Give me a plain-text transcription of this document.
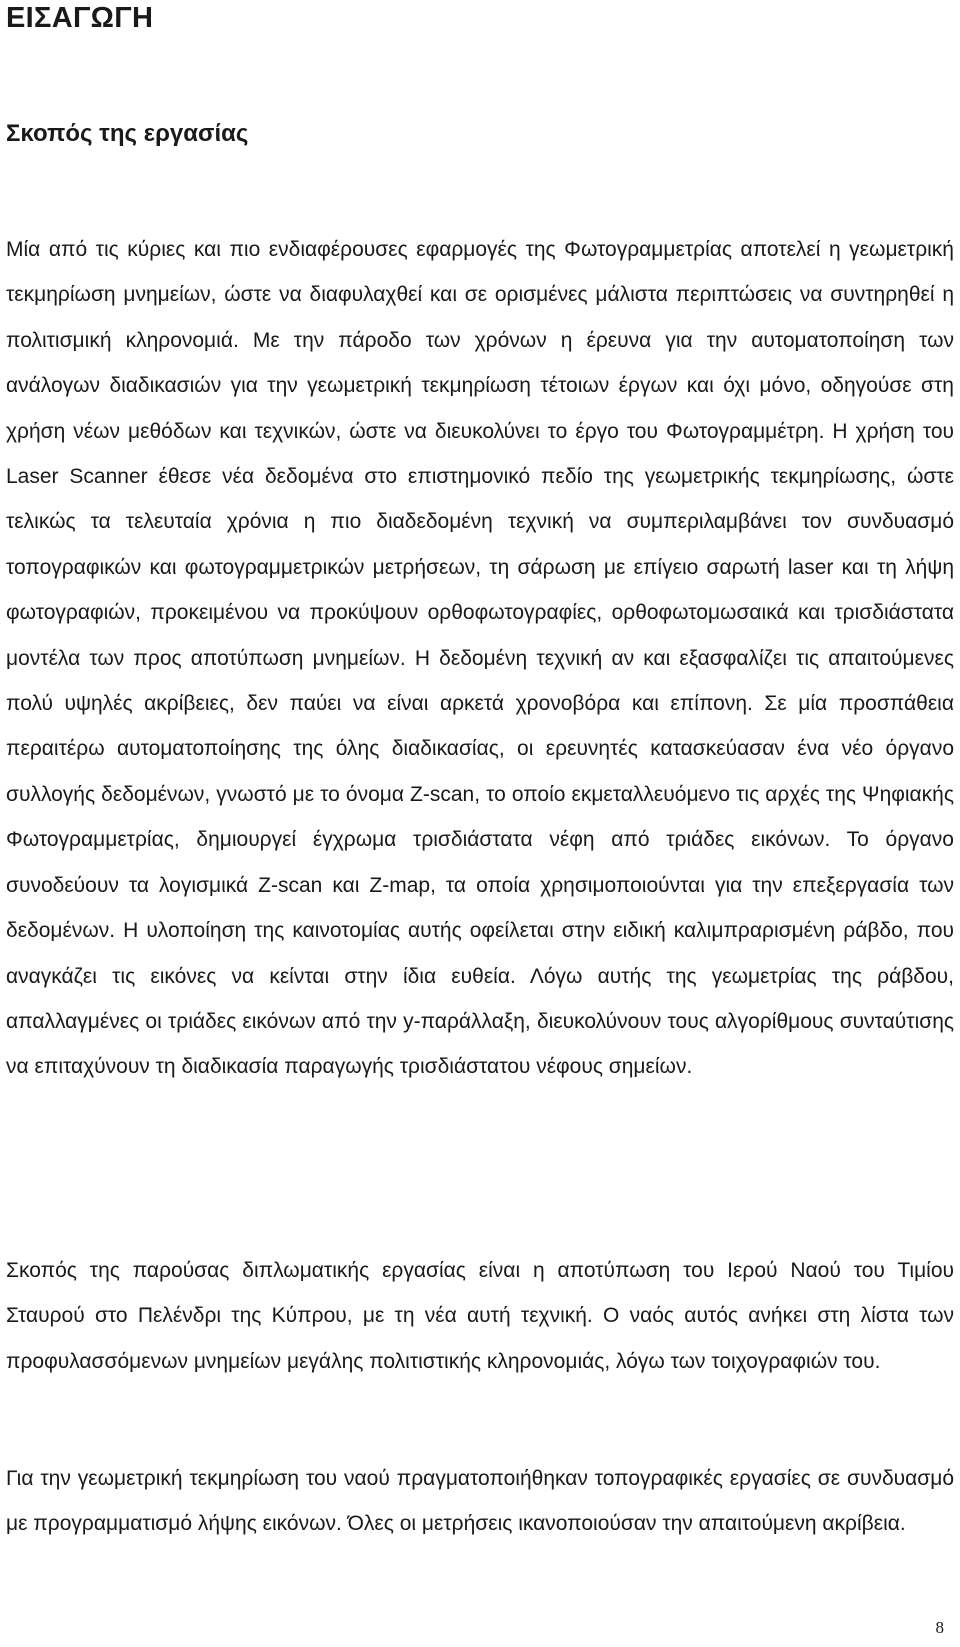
ΕΙΣΑΓΩΓΗ
Σκοπός της εργασίας

Μία από τις κύριες και πιο ενδιαφέρουσες εφαρμογές της Φωτογραμμετρίας αποτελεί η γεωμετρική τεκμηρίωση μνημείων, ώστε να διαφυλαχθεί και σε ορισμένες μάλιστα περιπτώσεις να συντηρηθεί η πολιτισμική κληρονομιά. Με την πάροδο των χρόνων η έρευνα για την αυτοματοποίηση των ανάλογων διαδικασιών για την γεωμετρική τεκμηρίωση τέτοιων έργων και όχι μόνο, οδηγούσε στη χρήση νέων μεθόδων και τεχνικών, ώστε να διευκολύνει το έργο του Φωτογραμμέτρη. Η χρήση του Laser Scanner έθεσε νέα δεδομένα στο επιστημονικό πεδίο της γεωμετρικής τεκμηρίωσης, ώστε τελικώς τα τελευταία χρόνια η πιο διαδεδομένη τεχνική να συμπεριλαμβάνει τον συνδυασμό τοπογραφικών και φωτογραμμετρικών μετρήσεων, τη σάρωση με επίγειο σαρωτή laser και τη λήψη φωτογραφιών, προκειμένου να προκύψουν ορθοφωτογραφίες, ορθοφωτομωσαικά και τρισδιάστατα μοντέλα των προς αποτύπωση μνημείων. Η δεδομένη τεχνική αν και εξασφαλίζει τις απαιτούμενες πολύ υψηλές ακρίβειες, δεν παύει να είναι αρκετά χρονοβόρα και επίπονη. Σε μία προσπάθεια περαιτέρω αυτοματοποίησης της όλης διαδικασίας, οι ερευνητές κατασκεύασαν ένα νέο όργανο συλλογής δεδομένων, γνωστό με το όνομα Z-scan, το οποίο εκμεταλλευόμενο τις αρχές της Ψηφιακής Φωτογραμμετρίας, δημιουργεί έγχρωμα τρισδιάστατα νέφη από τριάδες εικόνων. Το όργανο συνοδεύουν τα λογισμικά Z-scan και Z-map, τα οποία χρησιμοποιούνται για την επεξεργασία των δεδομένων. Η υλοποίηση της καινοτομίας αυτής οφείλεται στην ειδική καλιμπραρισμένη ράβδο, που αναγκάζει τις εικόνες να κείνται στην ίδια ευθεία. Λόγω αυτής της γεωμετρίας της ράβδου, απαλλαγμένες οι τριάδες εικόνων από την y-παράλλαξη, διευκολύνουν τους αλγορίθμους συνταύτισης να επιταχύνουν τη διαδικασία παραγωγής τρισδιάστατου νέφους σημείων.

Σκοπός της παρούσας διπλωματικής εργασίας είναι η αποτύπωση του Ιερού Ναού του Τιμίου Σταυρού στο Πελένδρι της Κύπρου, με τη νέα αυτή τεχνική. Ο ναός αυτός ανήκει στη λίστα των προφυλασσόμενων μνημείων μεγάλης πολιτιστικής κληρονομιάς, λόγω των τοιχογραφιών του.

Για την γεωμετρική τεκμηρίωση του ναού πραγματοποιήθηκαν τοπογραφικές εργασίες σε συνδυασμό με προγραμματισμό λήψης εικόνων. Όλες οι μετρήσεις ικανοποιούσαν την απαιτούμενη ακρίβεια.

8
